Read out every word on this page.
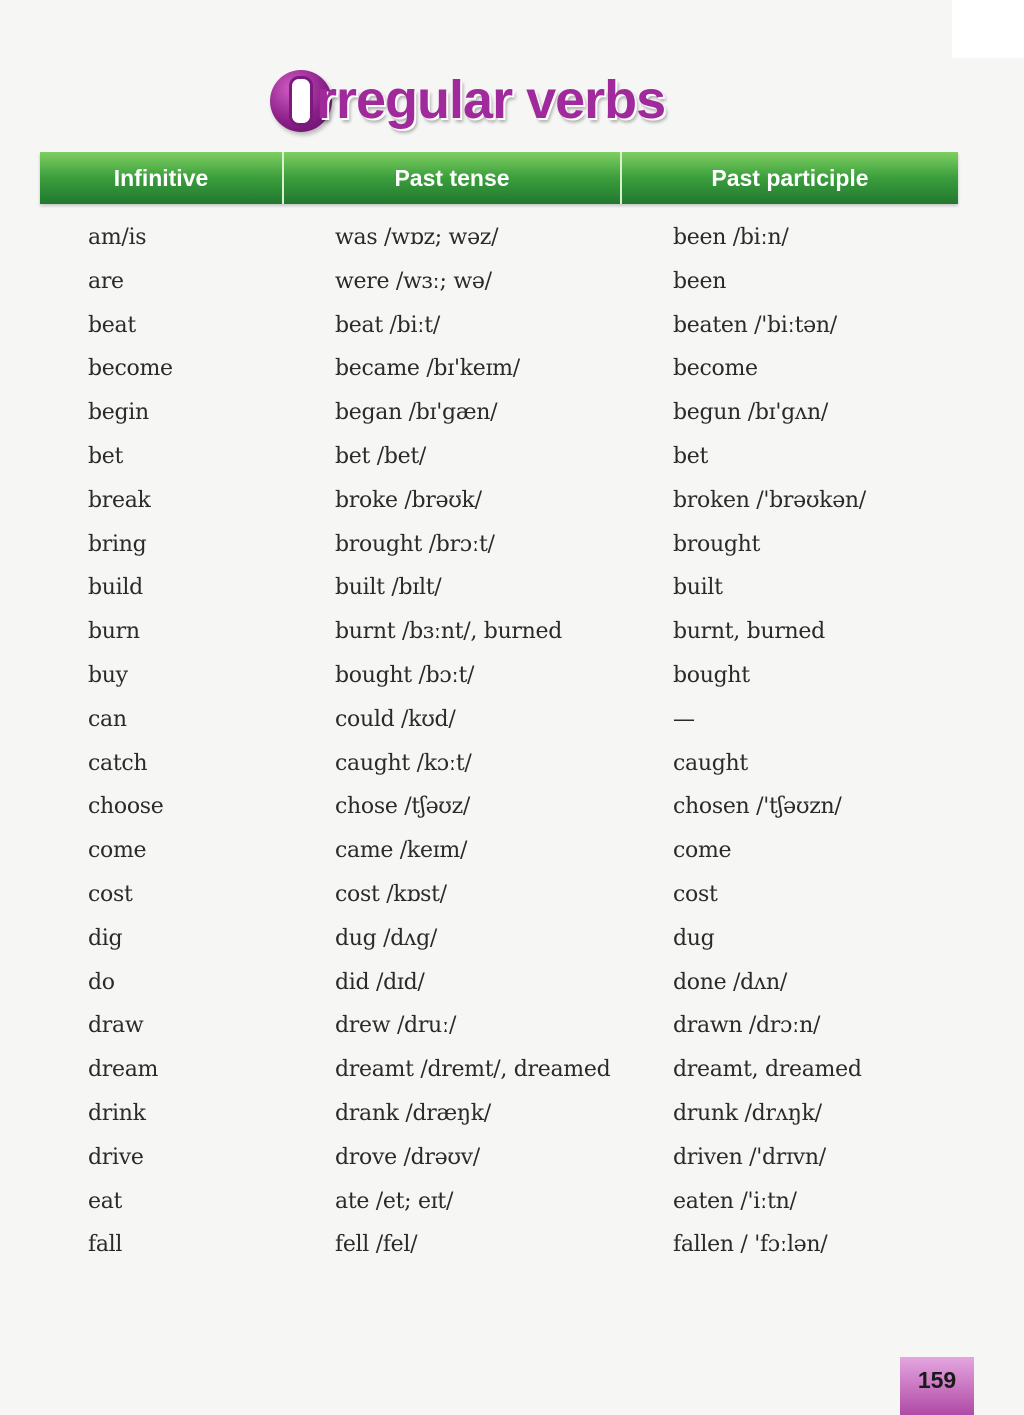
rregular verbs
Infinitive	Past tense	Past participle
am/is	was /wɒz; wəz/	been /biːn/
are	were /wɜː; wə/	been
beat	beat /biːt/	beaten /'biːtən/
become	became /bɪ'keɪm/	become
begin	began /bɪ'gæn/	begun /bɪ'gʌn/
bet	bet /bet/	bet
break	broke /brəʊk/	broken /'brəʊkən/
bring	brought /brɔːt/	brought
build	built /bɪlt/	built
burn	burnt /bɜːnt/, burned	burnt, burned
buy	bought /bɔːt/	bought
can	could /kʊd/	—
catch	caught /kɔːt/	caught
choose	chose /tʃəʊz/	chosen /'tʃəʊzn/
come	came /keɪm/	come
cost	cost /kɒst/	cost
dig	dug /dʌg/	dug
do	did /dɪd/	done /dʌn/
draw	drew /druː/	drawn /drɔːn/
dream	dreamt /dremt/, dreamed	dreamt, dreamed
drink	drank /dræŋk/	drunk /drʌŋk/
drive	drove /drəʊv/	driven /'drɪvn/
eat	ate /et; eɪt/	eaten /'iːtn/
fall	fell /fel/	fallen / 'fɔːlən/
159
